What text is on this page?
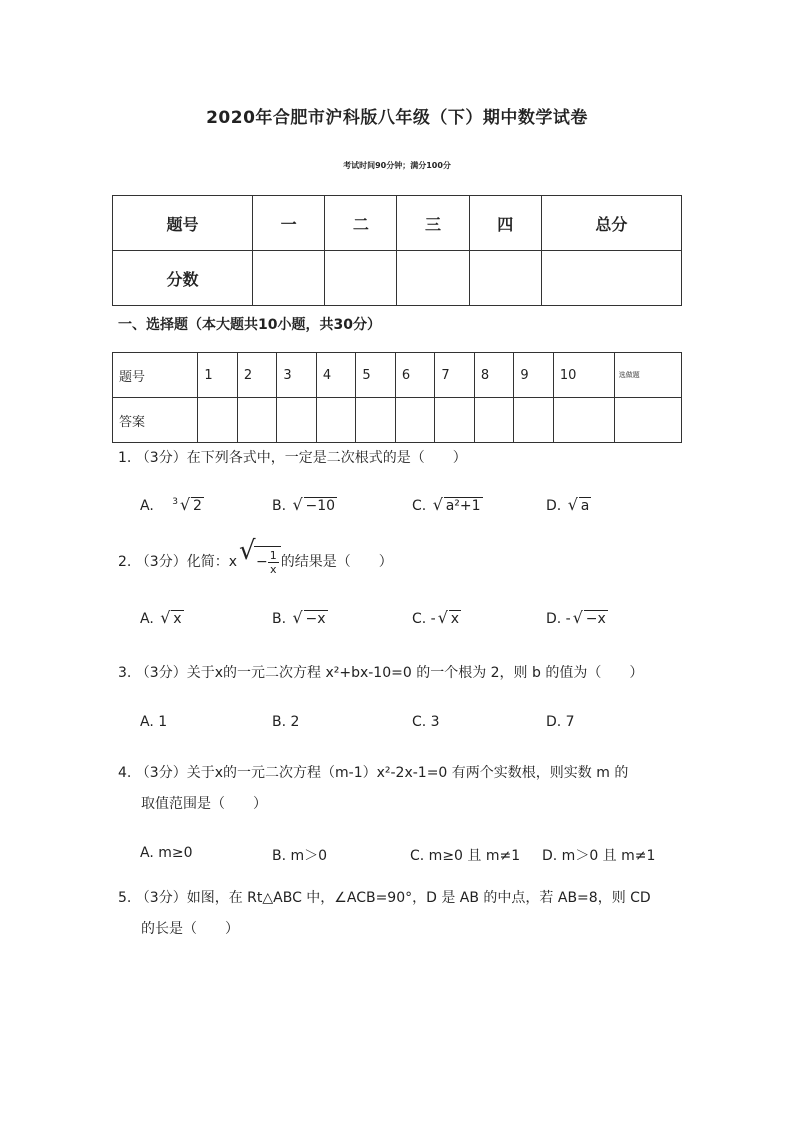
2020年合肥市沪科版八年级（下）期中数学试卷
考试时间90分钟；满分100分
题号	一	二	三	四	总分
分数					
一、选择题（本大题共10小题，共30分）
题号	1	2	3	4	5	6	7	8	9	10	选做题
答案											
1. （3分）在下列各式中，一定是二次根式的是（　　）
A. $^3$ √ 2	B. √ −10	C. √ a²+1	D. √ a
2. （3分）化简：x √ − $\frac{1}{x}$ 的结果是（　　）
A. √ x	B. √ −x	C. - √ x	D. - √ −x
3. （3分）关于x的一元二次方程 x²+bx-10=0 的一个根为 2，则 b 的值为（　　）
A. 1	B. 2	C. 3	D. 7
4. （3分）关于x的一元二次方程（m-1）x²-2x-1=0 有两个实数根，则实数 m 的
取值范围是（　　）
A. m≥0	B. m＞0	C. m≥0 且 m≠1 D. m＞0 且 m≠1
5. （3分）如图，在 Rt△ABC 中，∠ACB=90°，D 是 AB 的中点，若 AB=8，则 CD
的长是（　　）
